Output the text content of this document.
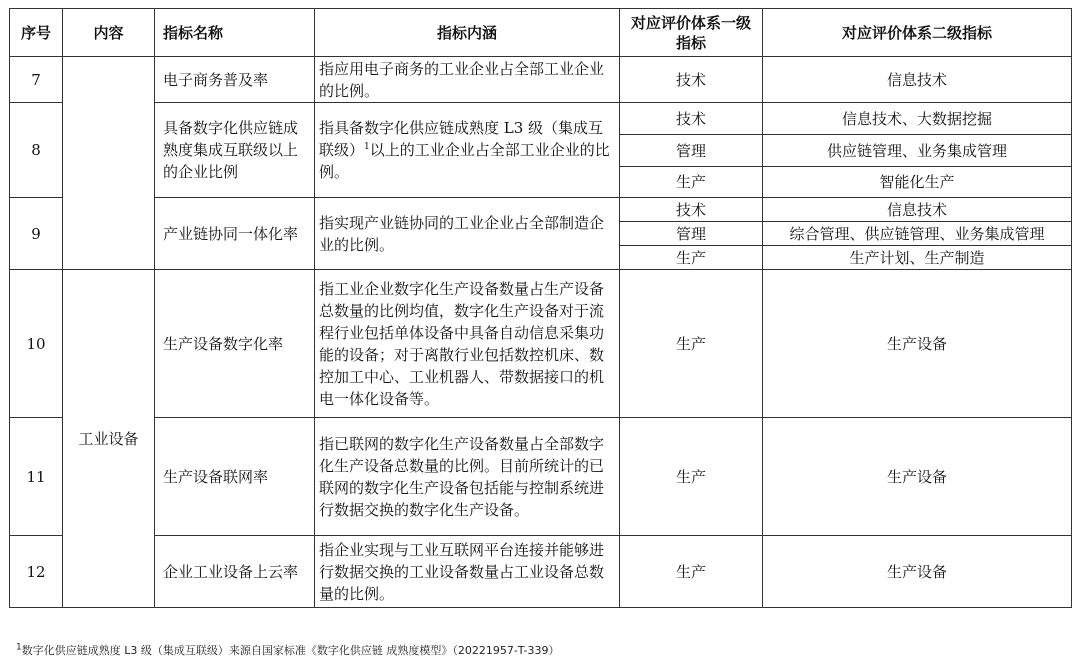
序号	内容	指标名称	指标内涵	对应评价体系一级指标	对应评价体系二级指标
7		电子商务普及率	指应用电子商务的工业企业占全部工业企业的比例。	技术	信息技术
8		具备数字化供应链成熟度集成互联级以上的企业比例	指具备数字化供应链成熟度 L3 级（集成互联级）$^1$以上的工业企业占全部工业企业的比例。	技术	信息技术、大数据挖掘
				管理	供应链管理、业务集成管理
				生产	智能化生产
9		产业链协同一体化率	指实现产业链协同的工业企业占全部制造企业的比例。	技术	信息技术
				管理	综合管理、供应链管理、业务集成管理
				生产	生产计划、生产制造
10	工业设备	生产设备数字化率	指工业企业数字化生产设备数量占生产设备总数量的比例均值，数字化生产设备对于流程行业包括单体设备中具备自动信息采集功能的设备；对于离散行业包括数控机床、数控加工中心、工业机器人、带数据接口的机电一体化设备等。	生产	生产设备
11		生产设备联网率	指已联网的数字化生产设备数量占全部数字化生产设备总数量的比例。目前所统计的已联网的数字化生产设备包括能与控制系统进行数据交换的数字化生产设备。	生产	生产设备
12		企业工业设备上云率	指企业实现与工业互联网平台连接并能够进行数据交换的工业设备数量占工业设备总数量的比例。	生产	生产设备
$^1$数字化供应链成熟度 L3 级（集成互联级）来源自国家标准《数字化供应链 成熟度模型》（20221957-T-339）
